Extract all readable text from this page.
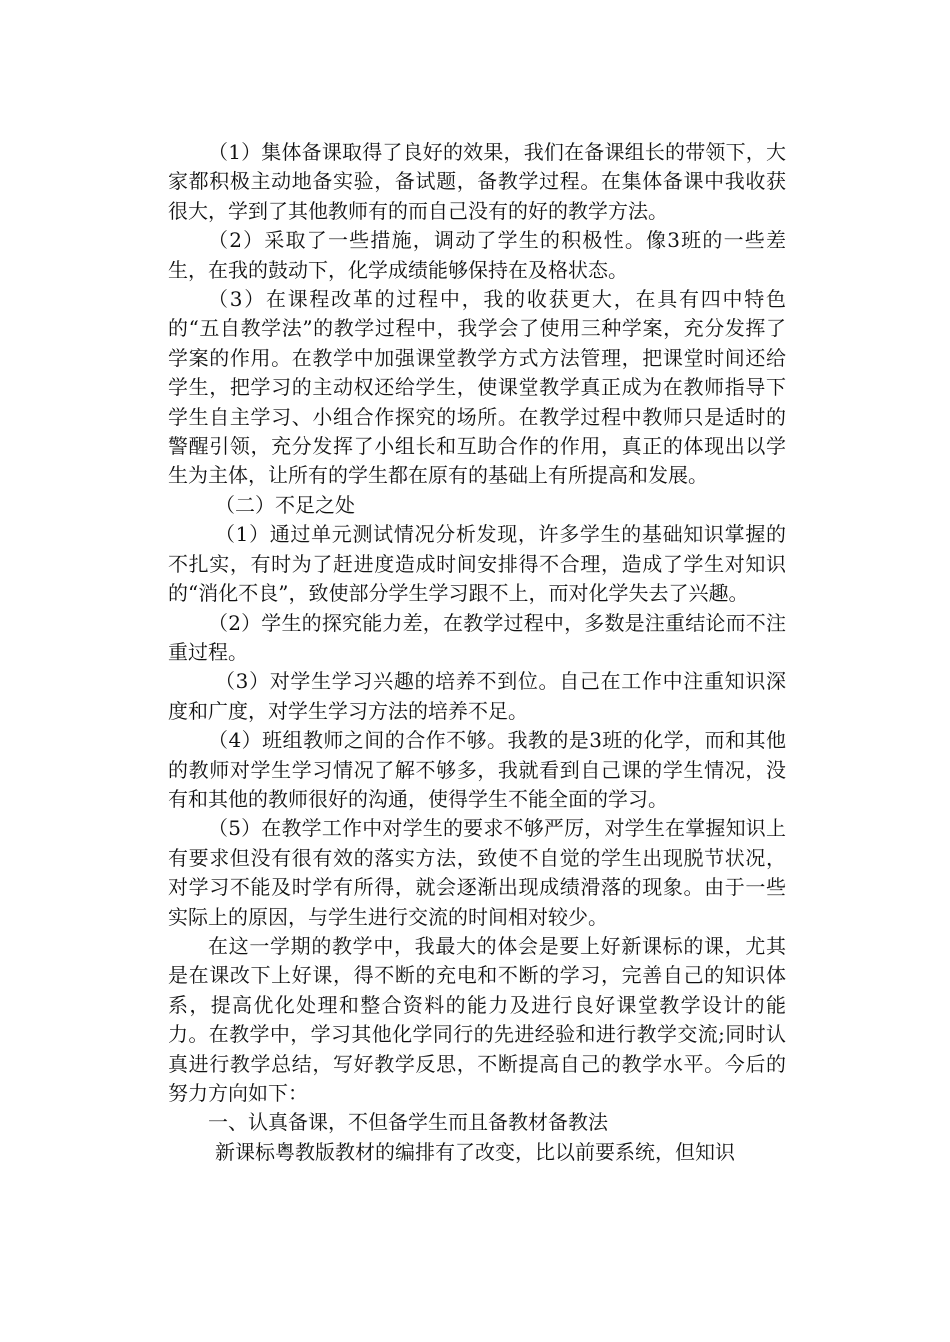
（1）集体备课取得了良好的效果，我们在备课组长的带领下，大家都积极主动地备实验，备试题，备教学过程。在集体备课中我收获很大，学到了其他教师有的而自己没有的好的教学方法。

（2）采取了一些措施，调动了学生的积极性。像3班的一些差生，在我的鼓动下，化学成绩能够保持在及格状态。

（3）在课程改革的过程中，我的收获更大，在具有四中特色的“五自教学法”的教学过程中，我学会了使用三种学案，充分发挥了学案的作用。在教学中加强课堂教学方式方法管理，把课堂时间还给学生，把学习的主动权还给学生，使课堂教学真正成为在教师指导下学生自主学习、小组合作探究的场所。在教学过程中教师只是适时的警醒引领，充分发挥了小组长和互助合作的作用，真正的体现出以学生为主体，让所有的学生都在原有的基础上有所提高和发展。

（二）不足之处

（1）通过单元测试情况分析发现，许多学生的基础知识掌握的不扎实，有时为了赶进度造成时间安排得不合理，造成了学生对知识的“消化不良”，致使部分学生学习跟不上，而对化学失去了兴趣。

（2）学生的探究能力差，在教学过程中，多数是注重结论而不注重过程。

（3）对学生学习兴趣的培养不到位。自己在工作中注重知识深度和广度，对学生学习方法的培养不足。

（4）班组教师之间的合作不够。我教的是3班的化学，而和其他的教师对学生学习情况了解不够多，我就看到自己课的学生情况，没有和其他的教师很好的沟通，使得学生不能全面的学习。

（5）在教学工作中对学生的要求不够严厉，对学生在掌握知识上有要求但没有很有效的落实方法，致使不自觉的学生出现脱节状况，对学习不能及时学有所得，就会逐渐出现成绩滑落的现象。由于一些实际上的原因，与学生进行交流的时间相对较少。

在这一学期的教学中，我最大的体会是要上好新课标的课，尤其是在课改下上好课，得不断的充电和不断的学习，完善自己的知识体系，提高优化处理和整合资料的能力及进行良好课堂教学设计的能力。在教学中，学习其他化学同行的先进经验和进行教学交流;同时认真进行教学总结，写好教学反思，不断提高自己的教学水平。今后的努力方向如下：

一、认真备课，不但备学生而且备教材备教法

新课标粤教版教材的编排有了改变，比以前要系统，但知识
